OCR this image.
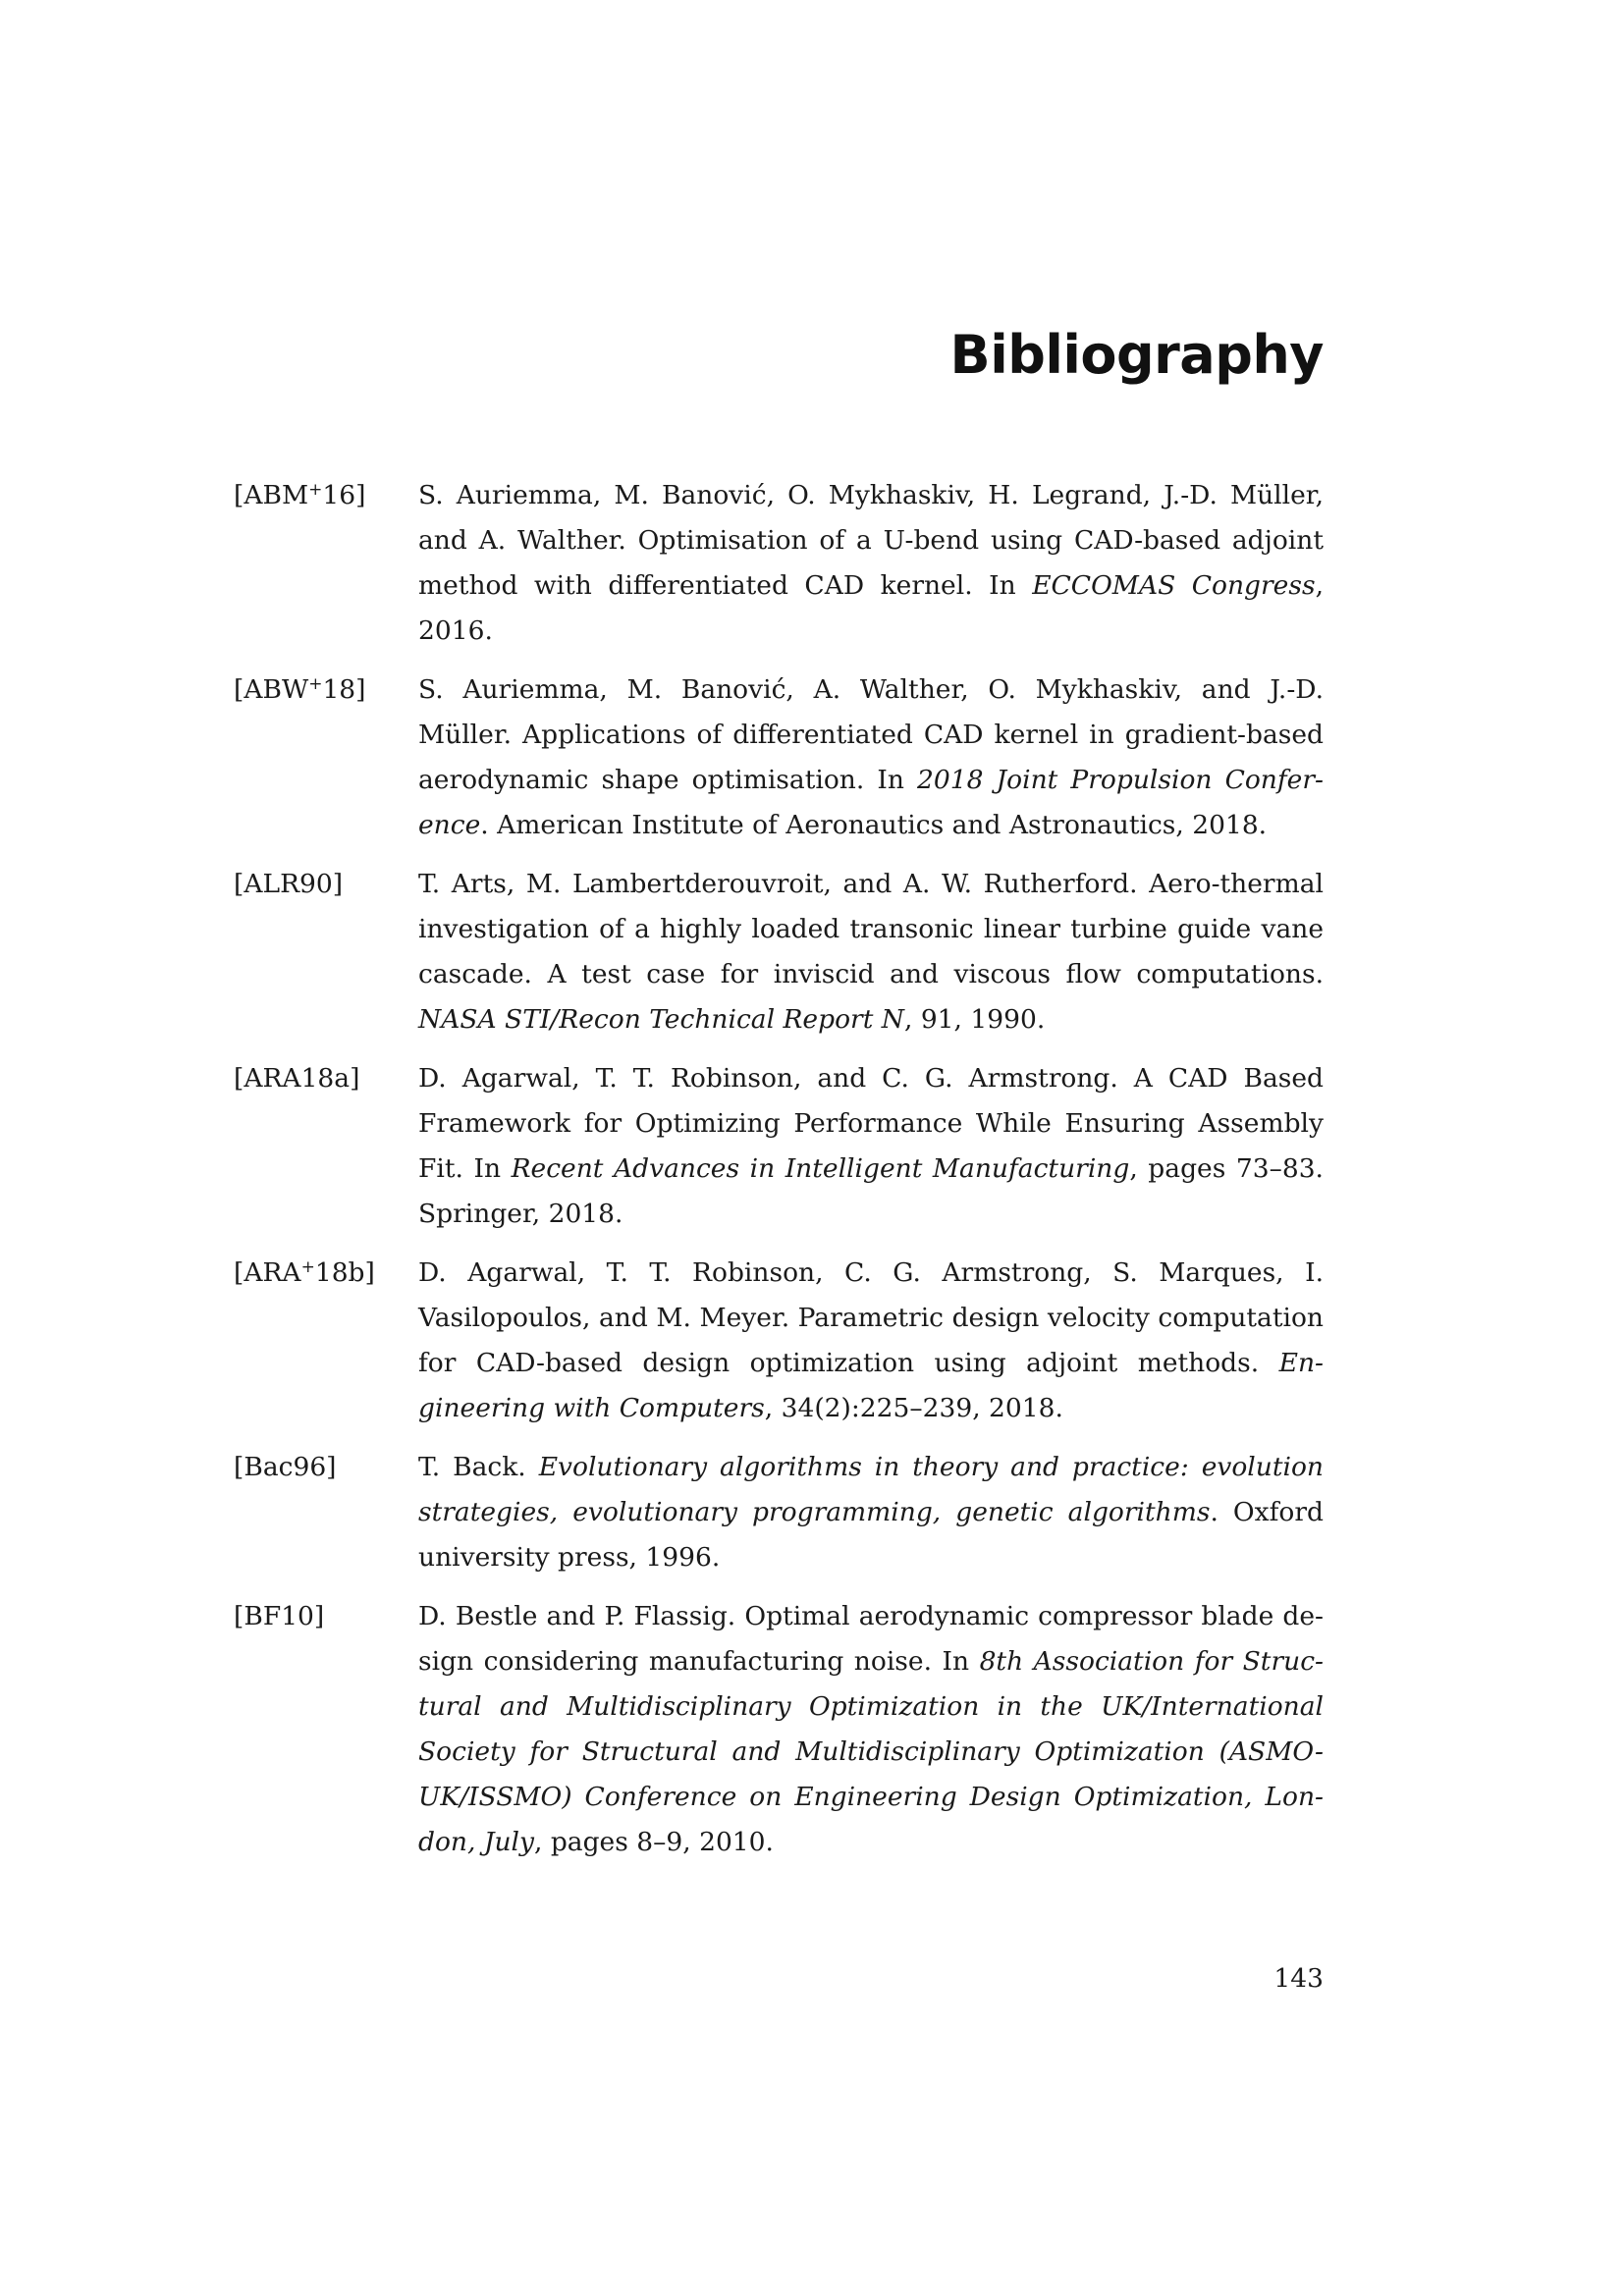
Bibliography
[ABM+16]	S. Auriemma, M. Banović, O. Mykhaskiv, H. Legrand, J.-D. Müller, and A. Walther. Optimisation of a U-bend using CAD-based adjoint method with differentiated CAD kernel. In ECCOMAS Congress, 2016.
[ABW+18]	S. Auriemma, M. Banović, A. Walther, O. Mykhaskiv, and J.-D. Müller. Applications of differentiated CAD kernel in gradient-based aerodynamic shape optimisation. In 2018 Joint Propulsion Conference. American Institute of Aeronautics and Astronautics, 2018.
[ALR90]	T. Arts, M. Lambertderouvroit, and A. W. Rutherford. Aero-thermal investigation of a highly loaded transonic linear turbine guide vane cascade. A test case for inviscid and viscous flow computations. NASA STI/Recon Technical Report N, 91, 1990.
[ARA18a]	D. Agarwal, T. T. Robinson, and C. G. Armstrong. A CAD Based Framework for Optimizing Performance While Ensuring Assembly Fit. In Recent Advances in Intelligent Manufacturing, pages 73–83. Springer, 2018.
[ARA+18b]	D. Agarwal, T. T. Robinson, C. G. Armstrong, S. Marques, I. Vasilopoulos, and M. Meyer. Parametric design velocity computation for CAD-based design optimization using adjoint methods. Engineering with Computers, 34(2):225–239, 2018.
[Bac96]	T. Back. Evolutionary algorithms in theory and practice: evolution strategies, evolutionary programming, genetic algorithms. Oxford university press, 1996.
[BF10]	D. Bestle and P. Flassig. Optimal aerodynamic compressor blade design considering manufacturing noise. In 8th Association for Structural and Multidisciplinary Optimization in the UK/International Society for Structural and Multidisciplinary Optimization (ASMO-UK/ISSMO) Conference on Engineering Design Optimization, London, July, pages 8–9, 2010.
143
